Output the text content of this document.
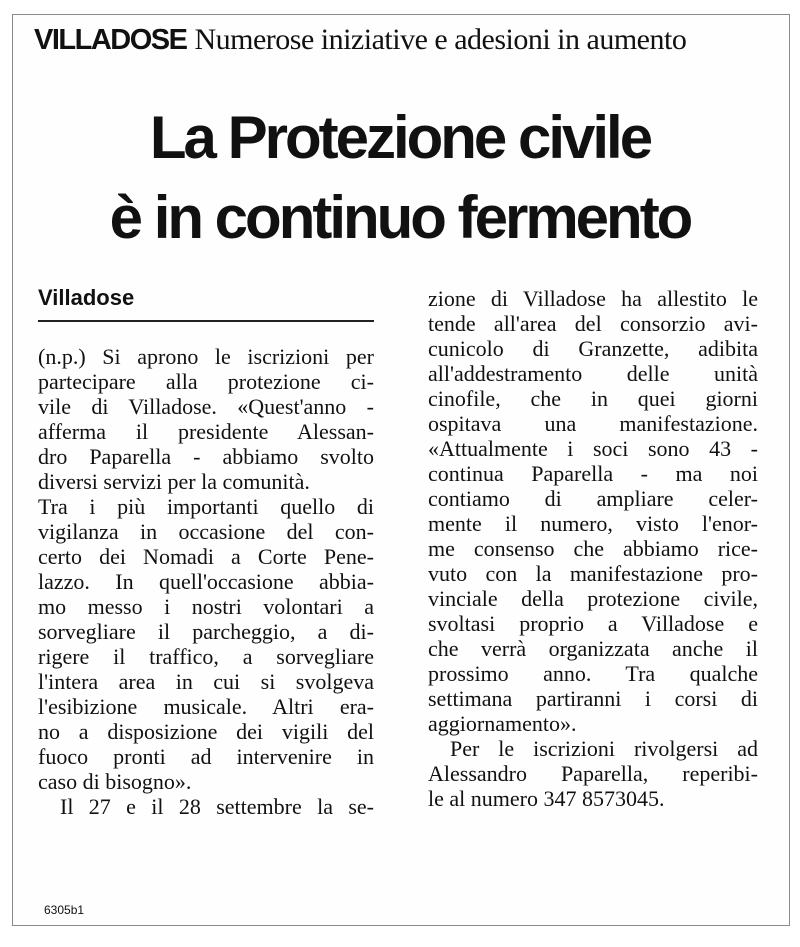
VILLADOSE Numerose iniziative e adesioni in aumento
La Protezione civile
è in continuo fermento
Villadose
(n.p.) Si aprono le iscrizioni per
partecipare alla protezione ci-
vile di Villadose. «Quest'anno -
afferma il presidente Alessan-
dro Paparella - abbiamo svolto
diversi servizi per la comunità.
Tra i più importanti quello di
vigilanza in occasione del con-
certo dei Nomadi a Corte Pene-
lazzo. In quell'occasione abbia-
mo messo i nostri volontari a
sorvegliare il parcheggio, a di-
rigere il traffico, a sorvegliare
l'intera area in cui si svolgeva
l'esibizione musicale. Altri era-
no a disposizione dei vigili del
fuoco pronti ad intervenire in
caso di bisogno».
Il 27 e il 28 settembre la se-
zione di Villadose ha allestito le
tende all'area del consorzio avi-
cunicolo di Granzette, adibita
all'addestramento delle unità
cinofile, che in quei giorni
ospitava una manifestazione.
«Attualmente i soci sono 43 -
continua Paparella - ma noi
contiamo di ampliare celer-
mente il numero, visto l'enor-
me consenso che abbiamo rice-
vuto con la manifestazione pro-
vinciale della protezione civile,
svoltasi proprio a Villadose e
che verrà organizzata anche il
prossimo anno. Tra qualche
settimana partiranni i corsi di
aggiornamento».
Per le iscrizioni rivolgersi ad
Alessandro Paparella, reperibi-
le al numero 347 8573045.
6305b1
